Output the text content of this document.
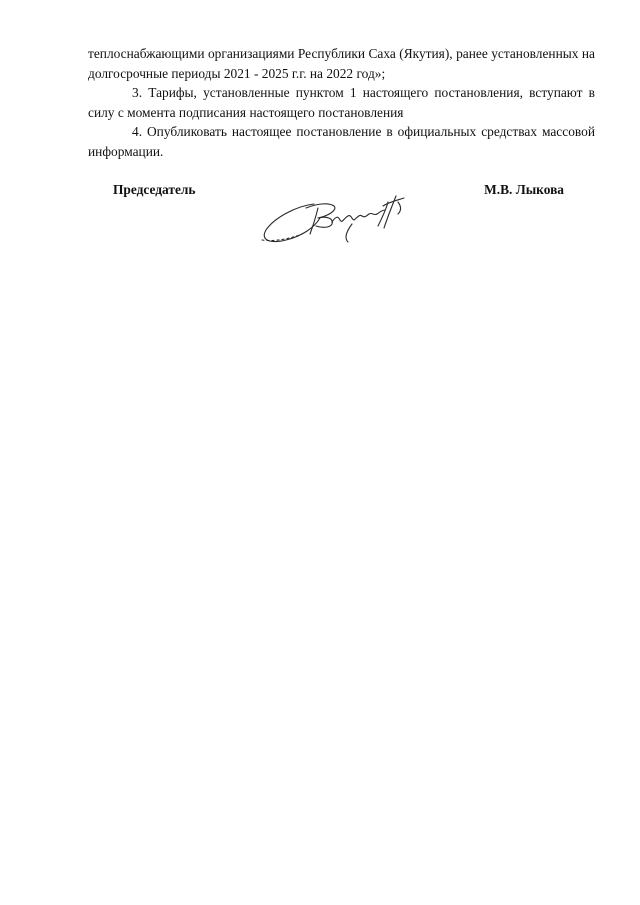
теплоснабжающими организациями Республики Саха (Якутия), ранее установленных на долгосрочные периоды 2021 - 2025 г.г. на 2022 год»;

3. Тарифы, установленные пунктом 1 настоящего постановления, вступают в силу с момента подписания настоящего постановления

4. Опубликовать настоящее постановление в официальных средствах массовой информации.

Председатель	М.В. Лыкова
